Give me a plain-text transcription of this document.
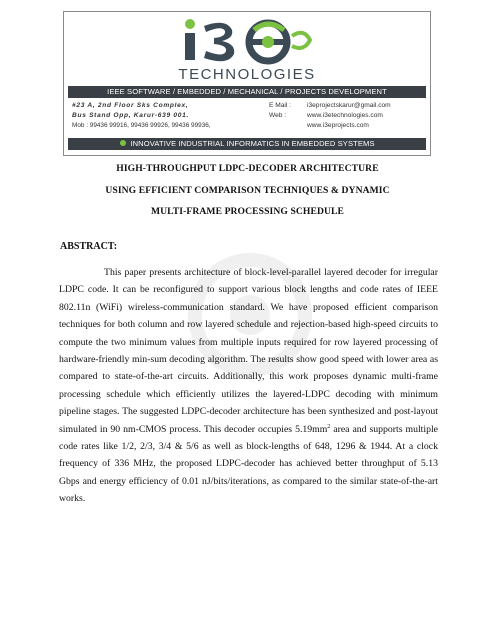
TECHNOLOGIES
IEEE SOFTWARE / EMBEDDED / MECHANICAL / PROJECTS DEVELOPMENT
#23 A, 2nd Floor Sks Complex,
Bus Stand Opp, Karur-639 001.
Mob : 99436 99916, 99436 99926, 99436 99936,
E Mail : i3eprojectskarur@gmail.com
Web :	www.i3etechnologies.com
www.i3eprojects.com
INNOVATIVE INDUSTRIAL INFORMATICS IN EMBEDDED SYSTEMS
HIGH-THROUGHPUT LDPC-DECODER ARCHITECTURE
USING EFFICIENT COMPARISON TECHNIQUES & DYNAMIC
MULTI-FRAME PROCESSING SCHEDULE
ABSTRACT:
This paper presents architecture of block-level-parallel layered decoder for irregular LDPC code. It can be reconfigured to support various block lengths and code rates of IEEE 802.11n (WiFi) wireless-communication standard. We have proposed efficient comparison techniques for both column and row layered schedule and rejection-based high-speed circuits to compute the two minimum values from multiple inputs required for row layered processing of hardware-friendly min-sum decoding algorithm. The results show good speed with lower area as compared to state-of-the-art circuits. Additionally, this work proposes dynamic multi-frame processing schedule which efficiently utilizes the layered-LDPC decoding with minimum pipeline stages. The suggested LDPC-decoder architecture has been synthesized and post-layout simulated in 90 nm-CMOS process. This decoder occupies $5.19mm^2$ area and supports multiple code rates like 1/2, 2/3, 3/4 & 5/6 as well as block-lengths of 648, 1296 & 1944. At a clock frequency of 336 MHz, the proposed LDPC-decoder has achieved better throughput of 5.13 Gbps and energy efficiency of 0.01 nJ/bits/iterations, as compared to the similar state-of-the-art works.
